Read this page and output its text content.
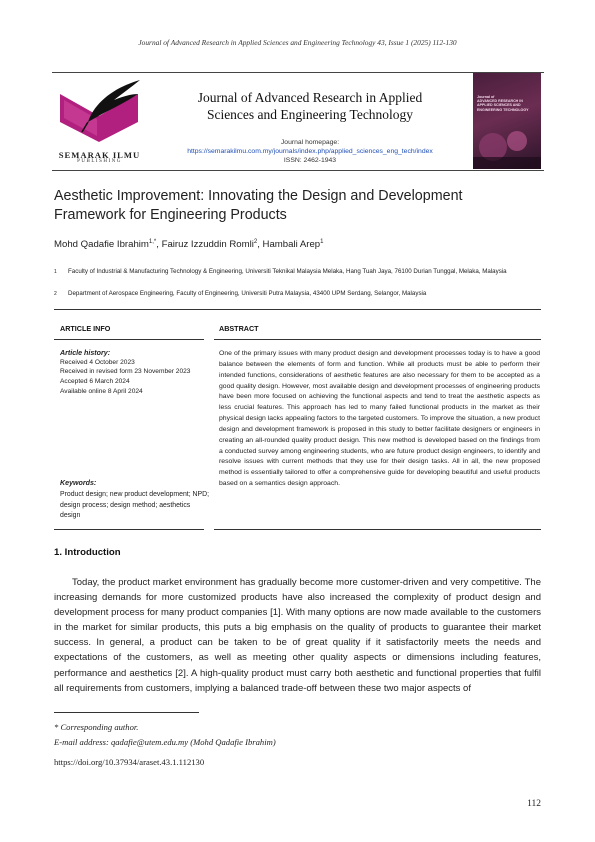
Journal of Advanced Research in Applied Sciences and Engineering Technology 43, Issue 1 (2025) 112-130
SEMARAK ILMU
PUBLISHING
Journal of Advanced Research in Applied
Sciences and Engineering Technology
Journal homepage:
https://semarakilmu.com.my/journals/index.php/applied_sciences_eng_tech/index
ISSN: 2462-1943
Journal of
ADVANCED RESEARCH IN
APPLIED SCIENCES AND
ENGINEERING TECHNOLOGY
Aesthetic Improvement: Innovating the Design and Development
Framework for Engineering Products
Mohd Qadafie Ibrahim$^{1,*}$, Fairuz Izzuddin Romli$^2$, Hambali Arep$^1$
1 Faculty of Industrial & Manufacturing Technology & Engineering, Universiti Teknikal Malaysia Melaka, Hang Tuah Jaya, 76100 Durian Tunggal, Melaka, Malaysia
2 Department of Aerospace Engineering, Faculty of Engineering, Universiti Putra Malaysia, 43400 UPM Serdang, Selangor, Malaysia
ARTICLE INFO	ABSTRACT
Article history:
Received 4 October 2023
Received in revised form 23 November 2023
Accepted 6 March 2024
Available online 8 April 2024
Keywords:
Product design; new product development; NPD; design process; design method; aesthetics design
One of the primary issues with many product design and development processes today is to have a good balance between the elements of form and function. While all products must be able to perform their intended functions, considerations of aesthetic features are also necessary for them to be accepted as a good quality design. However, most available design and development processes of engineering products have been more focused on achieving the functional aspects and tend to treat the aesthetic aspects as less crucial features. This approach has led to many failed functional products in the market as their physical design lacks appealing factors to the targeted customers. To improve the situation, a new product design and development framework is proposed in this study to better facilitate designers or engineers in creating an all-rounded quality product design. This new method is developed based on the findings from a conducted survey among engineering students, who are future product design engineers, to identify and resolve issues with current methods that they use for their design tasks. All in all, the new proposed method is essentially tailored to offer a comprehensive guide for developing beautiful and useful products based on a semantics design approach.
1. Introduction

Today, the product market environment has gradually become more customer-driven and very competitive. The increasing demands for more customized products have also increased the complexity of product design and development process for many product companies [1]. With many options are now made available to the customers in the market for similar products, this puts a big emphasis on the quality of products to guarantee their market success. In general, a product can be taken to be of great quality if it satisfactorily meets the needs and expectations of the customers, as well as meeting other quality aspects or dimensions including features, performance and aesthetics [2]. A high-quality product must carry both aesthetic and functional properties that fulfil all requirements from customers, implying a balanced trade-off between these two major aspects of

* Corresponding author.
E-mail address: qadafie@utem.edu.my (Mohd Qadafie Ibrahim)
https://doi.org/10.37934/araset.43.1.112130
112
